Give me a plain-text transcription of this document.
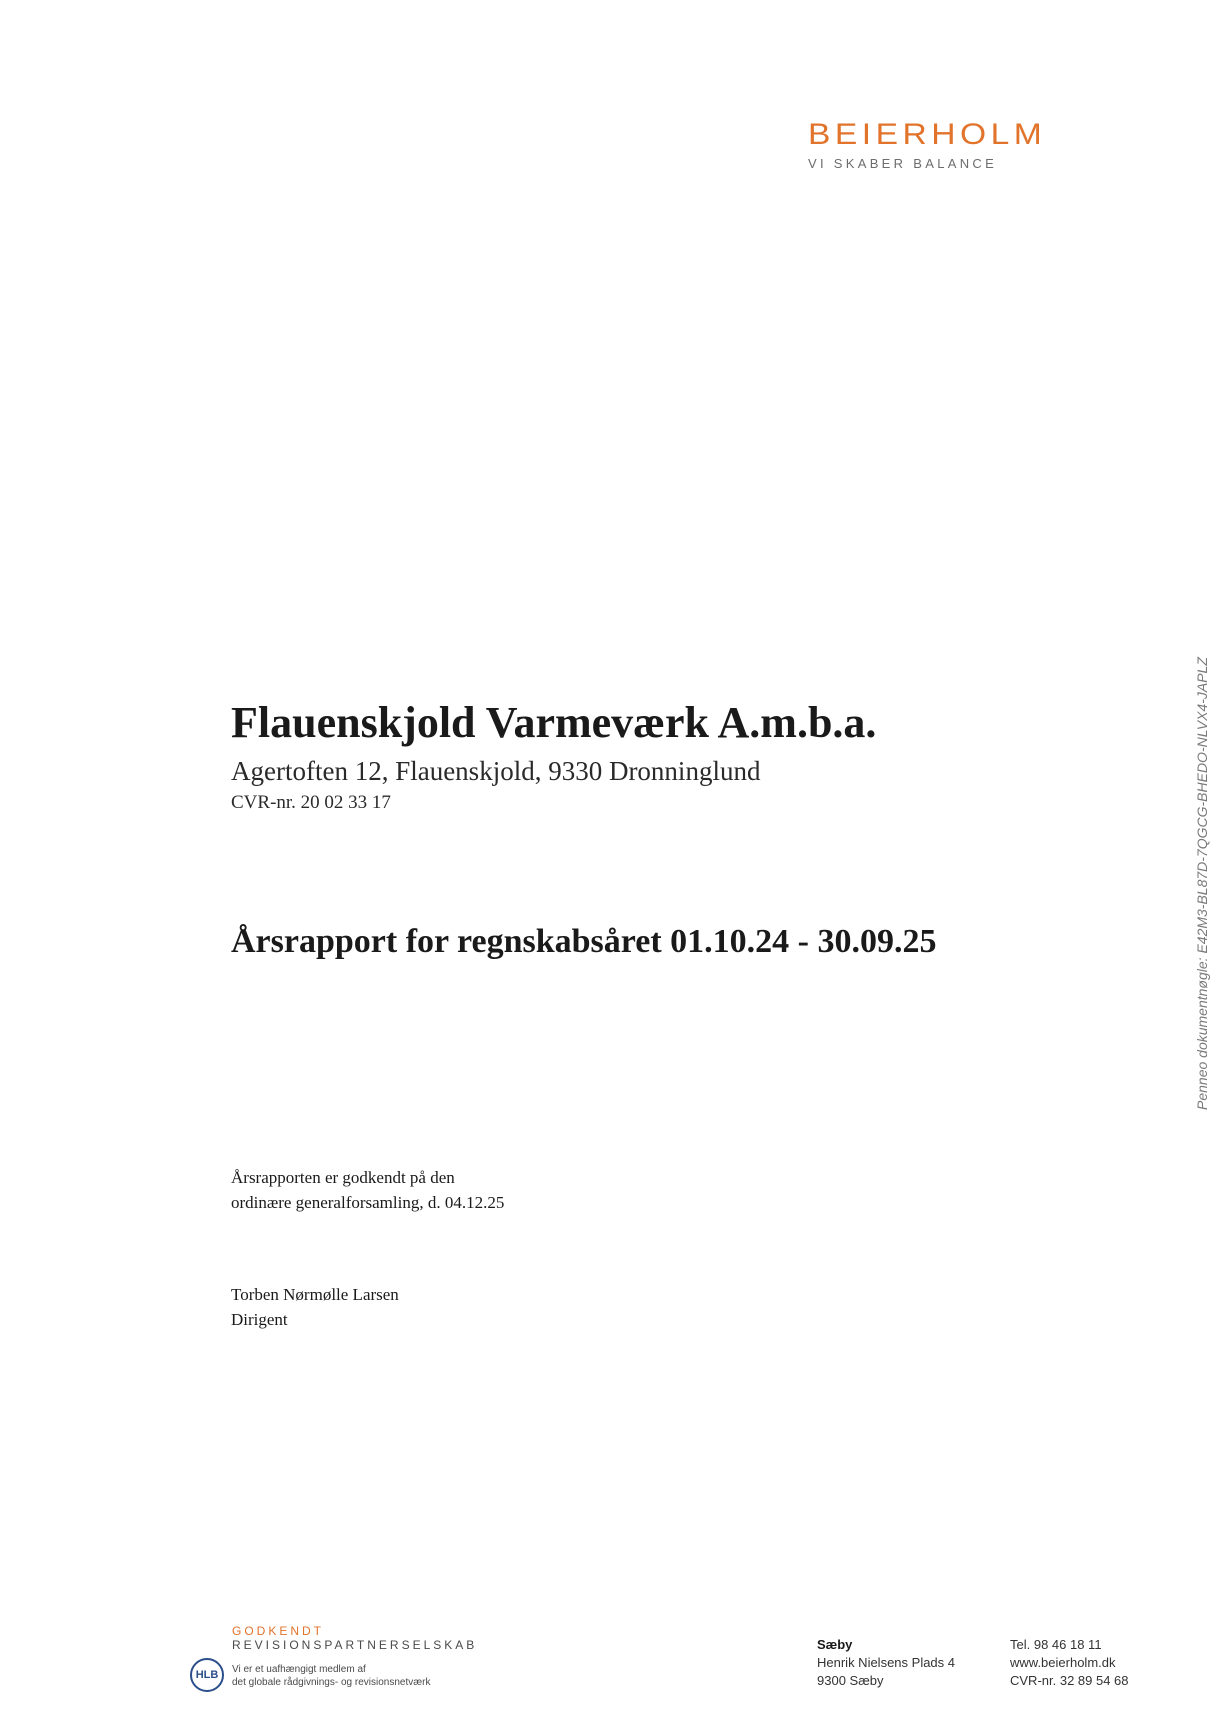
BEIERHOLM
VI SKABER BALANCE
Penneo dokumentnøgle: E42M3-BL87D-7QGCG-BHEDO-NLVX4-JAPLZ
Flauenskjold Varmeværk A.m.b.a.
Agertoften 12, Flauenskjold, 9330 Dronninglund
CVR-nr. 20 02 33 17
Årsrapport for regnskabsåret 01.10.24 - 30.09.25
Årsrapporten er godkendt på den
ordinære generalforsamling, d. 04.12.25
Torben Nørmølle Larsen
Dirigent
GODKENDT
REVISIONSPARTNERSELSKAB
HLB	Vi er et uafhængigt medlem af
det globale rådgivnings- og revisionsnetværk
Sæby
Henrik Nielsens Plads 4
9300 Sæby
Tel. 98 46 18 11
www.beierholm.dk
CVR-nr. 32 89 54 68
